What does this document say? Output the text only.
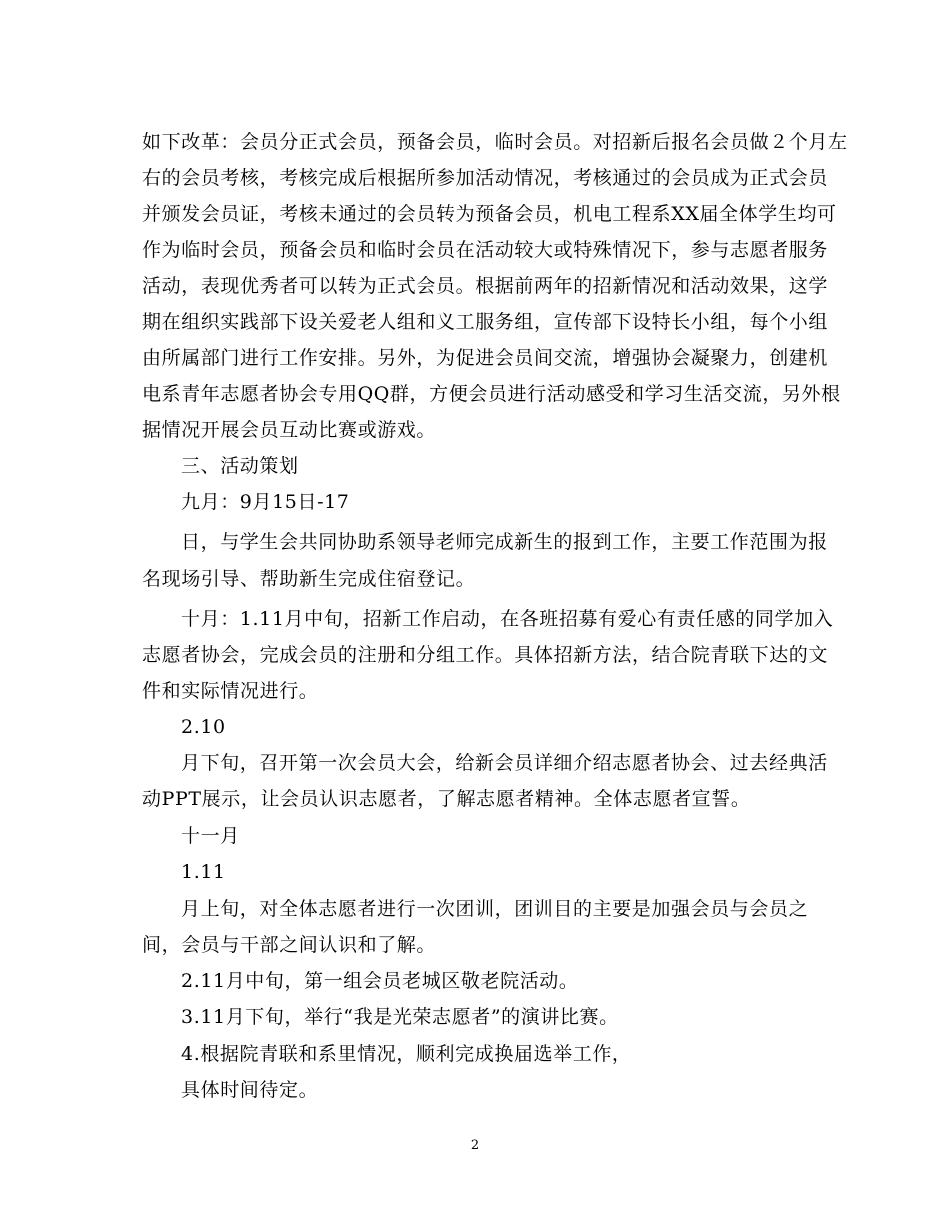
如下改革：会员分正式会员，预备会员，临时会员。对招新后报名会员做２个月左
右的会员考核，考核完成后根据所参加活动情况，考核通过的会员成为正式会员
并颁发会员证，考核未通过的会员转为预备会员，机电工程系XX届全体学生均可
作为临时会员，预备会员和临时会员在活动较大或特殊情况下，参与志愿者服务
活动，表现优秀者可以转为正式会员。根据前两年的招新情况和活动效果，这学
期在组织实践部下设关爱老人组和义工服务组，宣传部下设特长小组，每个小组
由所属部门进行工作安排。另外，为促进会员间交流，增强协会凝聚力，创建机
电系青年志愿者协会专用QQ群，方便会员进行活动感受和学习生活交流，另外根
据情况开展会员互动比赛或游戏。
三、活动策划
九月：9月15日-17
日，与学生会共同协助系领导老师完成新生的报到工作，主要工作范围为报
名现场引导、帮助新生完成住宿登记。
十月：1.11月中旬，招新工作启动，在各班招募有爱心有责任感的同学加入
志愿者协会，完成会员的注册和分组工作。具体招新方法，结合院青联下达的文
件和实际情况进行。
2.10
月下旬，召开第一次会员大会，给新会员详细介绍志愿者协会、过去经典活
动PPT展示，让会员认识志愿者，了解志愿者精神。全体志愿者宣誓。
十一月
1.11
月上旬，对全体志愿者进行一次团训，团训目的主要是加强会员与会员之
间，会员与干部之间认识和了解。
2.11月中旬，第一组会员老城区敬老院活动。
3.11月下旬，举行“我是光荣志愿者”的演讲比赛。
4.根据院青联和系里情况，顺利完成换届选举工作，
具体时间待定。
2
